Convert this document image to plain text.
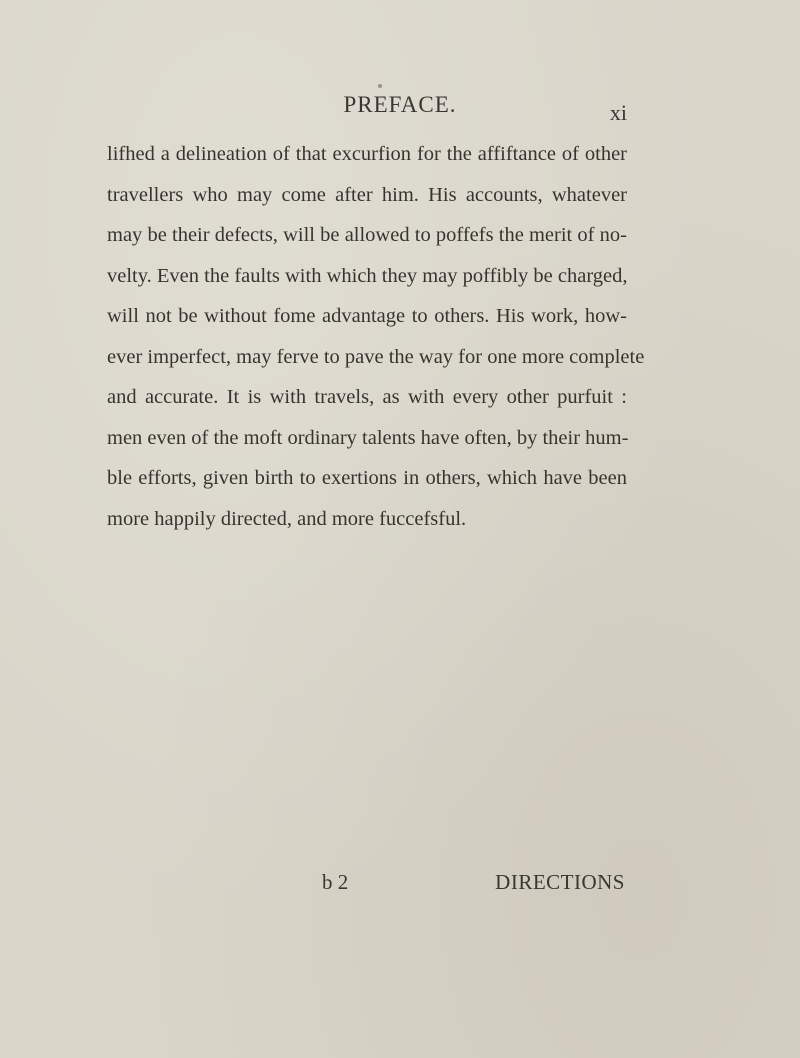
PREFACE.	xi
lifhed a delineation of that excurfion for the affiftance of other
travellers who may come after him. His accounts, whatever
may be their defects, will be allowed to poffefs the merit of no-
velty. Even the faults with which they may poffibly be charged,
will not be without fome advantage to others. His work, how-
ever imperfect, may ferve to pave the way for one more complete
and accurate. It is with travels, as with every other purfuit :
men even of the moft ordinary talents have often, by their hum-
ble efforts, given birth to exertions in others, which have been
more happily directed, and more fuccefsful.
b 2	DIRECTIONS
